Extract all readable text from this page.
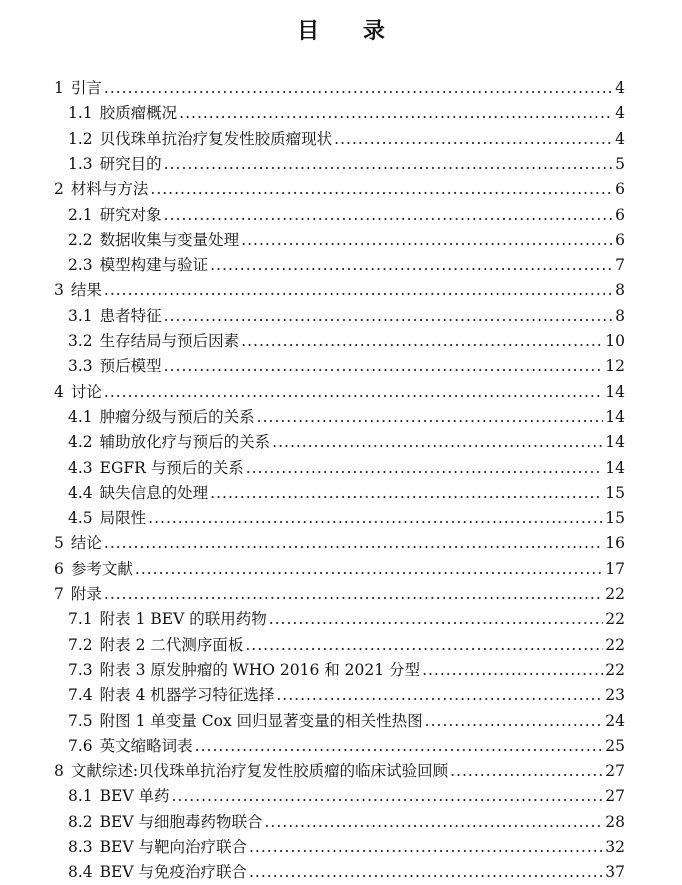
目 录
1 引言 .....	4
1.1 胶质瘤概况 .....	4
1.2 贝伐珠单抗治疗复发性胶质瘤现状 .....	4
1.3 研究目的 .....	5
2 材料与方法 .....	6
2.1 研究对象 .....	6
2.2 数据收集与变量处理 .....	6
2.3 模型构建与验证 .....	7
3 结果 .....	8
3.1 患者特征 .....	8
3.2 生存结局与预后因素 .....	10
3.3 预后模型 .....	12
4 讨论 .....	14
4.1 肿瘤分级与预后的关系 .....	14
4.2 辅助放化疗与预后的关系 .....	14
4.3 EGFR 与预后的关系 .....	14
4.4 缺失信息的处理 .....	15
4.5 局限性 .....	15
5 结论 .....	16
6 参考文献 .....	17
7 附录 .....	22
7.1 附表 1 BEV 的联用药物 .....	22
7.2 附表 2 二代测序面板 .....	22
7.3 附表 3 原发肿瘤的 WHO 2016 和 2021 分型 .....	22
7.4 附表 4 机器学习特征选择 .....	23
7.5 附图 1 单变量 Cox 回归显著变量的相关性热图 .....	24
7.6 英文缩略词表 .....	25
8 文献综述:贝伐珠单抗治疗复发性胶质瘤的临床试验回顾 .....	27
8.1 BEV 单药 .....	27
8.2 BEV 与细胞毒药物联合 .....	28
8.3 BEV 与靶向治疗联合 .....	32
8.4 BEV 与免疫治疗联合 .....	37
